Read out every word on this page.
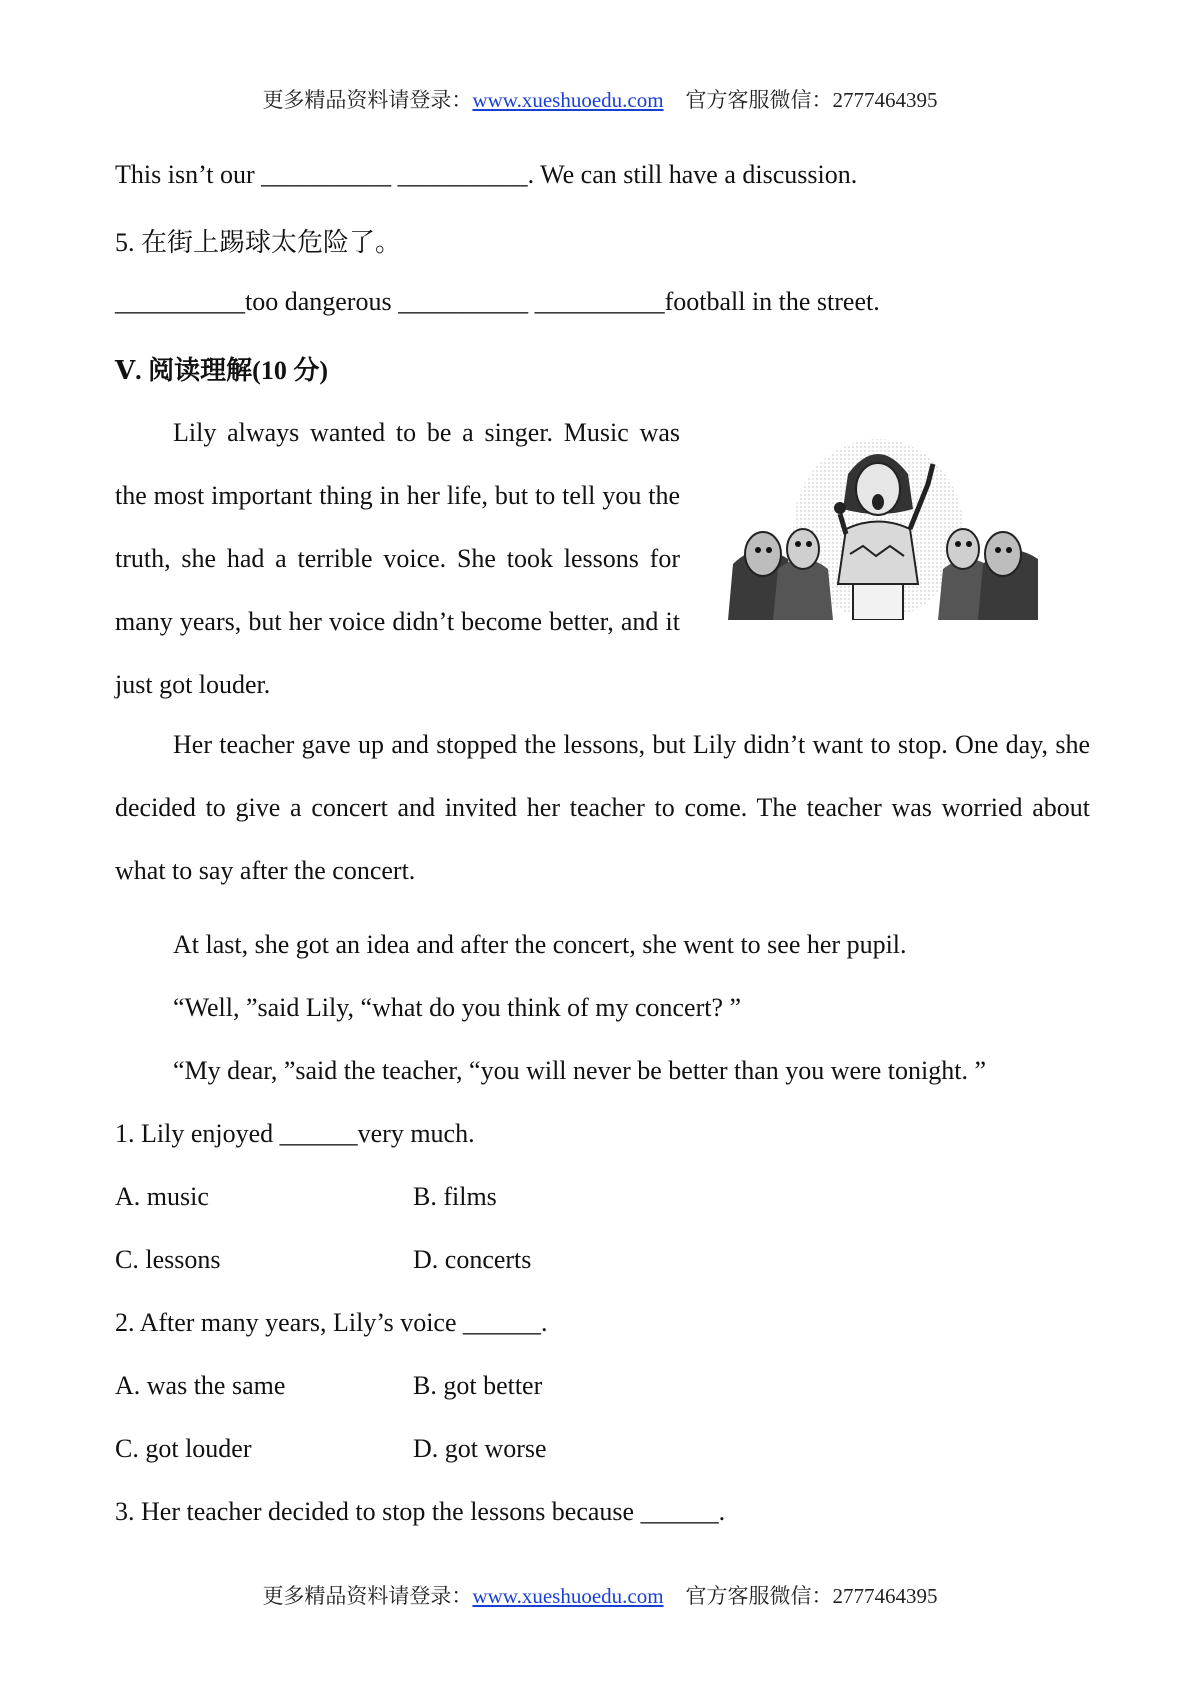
更多精品资料请登录：www.xueshuoedu.com 官方客服微信：2777464395
This isn’t our __________ __________. We can still have a discussion.
5. 在街上踢球太危险了。
__________too dangerous __________ __________football in the street.
Ⅴ. 阅读理解(10 分)
Lily always wanted to be a singer. Music was the most important thing in her life, but to tell you the truth, she had a terrible voice. She took lessons for many years, but her voice didn’t become better, and it just got louder.
Her teacher gave up and stopped the lessons, but Lily didn’t want to stop. One day, she decided to give a concert and invited her teacher to come. The teacher was worried about what to say after the concert.
At last, she got an idea and after the concert, she went to see her pupil.
“Well, ”said Lily, “what do you think of my concert? ”
“My dear, ”said the teacher, “you will never be better than you were tonight. ”
1. Lily enjoyed ______very much.
A. music	B. films
C. lessons	D. concerts
2. After many years, Lily’s voice ______.
A. was the same	B. got better
C. got louder	D. got worse
3. Her teacher decided to stop the lessons because ______.
更多精品资料请登录：www.xueshuoedu.com 官方客服微信：2777464395
